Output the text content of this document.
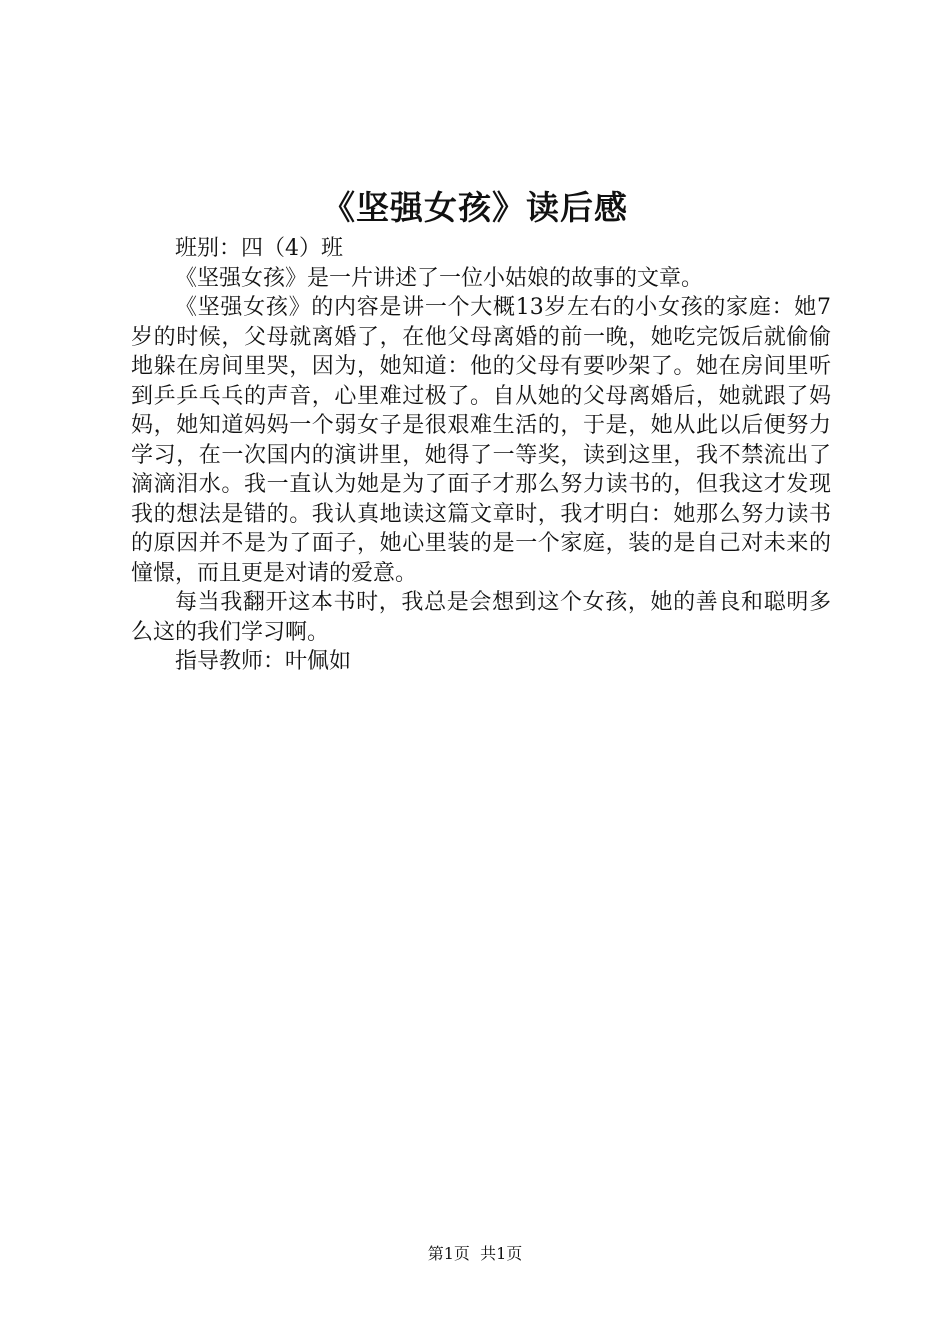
《坚强女孩》读后感

班别：四（4）班

《坚强女孩》是一片讲述了一位小姑娘的故事的文章。

《坚强女孩》的内容是讲一个大概13岁左右的小女孩的家庭：她7岁的时候，父母就离婚了，在他父母离婚的前一晚，她吃完饭后就偷偷地躲在房间里哭，因为，她知道：他的父母有要吵架了。她在房间里听到乒乒乓乓的声音，心里难过极了。自从她的父母离婚后，她就跟了妈妈，她知道妈妈一个弱女子是很艰难生活的，于是，她从此以后便努力学习，在一次国内的演讲里，她得了一等奖，读到这里，我不禁流出了滴滴泪水。我一直认为她是为了面子才那么努力读书的，但我这才发现我的想法是错的。我认真地读这篇文章时，我才明白：她那么努力读书的原因并不是为了面子，她心里装的是一个家庭，装的是自己对未来的憧憬，而且更是对请的爱意。

每当我翻开这本书时，我总是会想到这个女孩，她的善良和聪明多么这的我们学习啊。

指导教师：叶佩如

第1页  共1页
